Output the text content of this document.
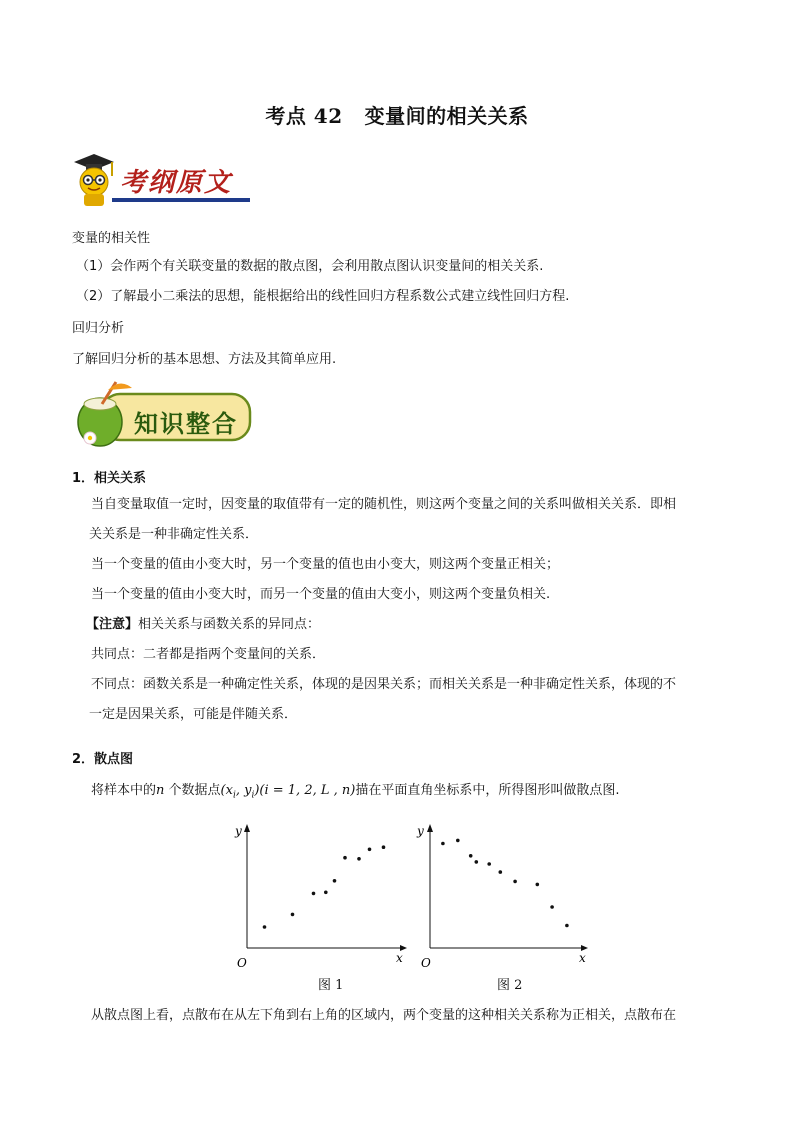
考点 42 变量间的相关关系
考纲原文
变量的相关性
（1）会作两个有关联变量的数据的散点图，会利用散点图认识变量间的相关关系.
（2）了解最小二乘法的思想，能根据给出的线性回归方程系数公式建立线性回归方程.
回归分析
了解回归分析的基本思想、方法及其简单应用.
知识整合
1．相关关系
当自变量取值一定时，因变量的取值带有一定的随机性，则这两个变量之间的关系叫做相关关系．即相
关关系是一种非确定性关系．
当一个变量的值由小变大时，另一个变量的值也由小变大，则这两个变量正相关；
当一个变量的值由小变大时，而另一个变量的值由大变小，则这两个变量负相关.
【注意】相关关系与函数关系的异同点：
共同点：二者都是指两个变量间的关系．
不同点：函数关系是一种确定性关系，体现的是因果关系；而相关关系是一种非确定性关系，体现的不
一定是因果关系，可能是伴随关系．
2．散点图
将样本中的n 个数据点($x_i$, $y_i)(i = 1$, 2, L , n)描在平面直角坐标系中，所得图形叫做散点图.
y
x
O
y
x
O
图 1	图 2
从散点图上看，点散布在从左下角到右上角的区域内，两个变量的这种相关关系称为正相关，点散布在
